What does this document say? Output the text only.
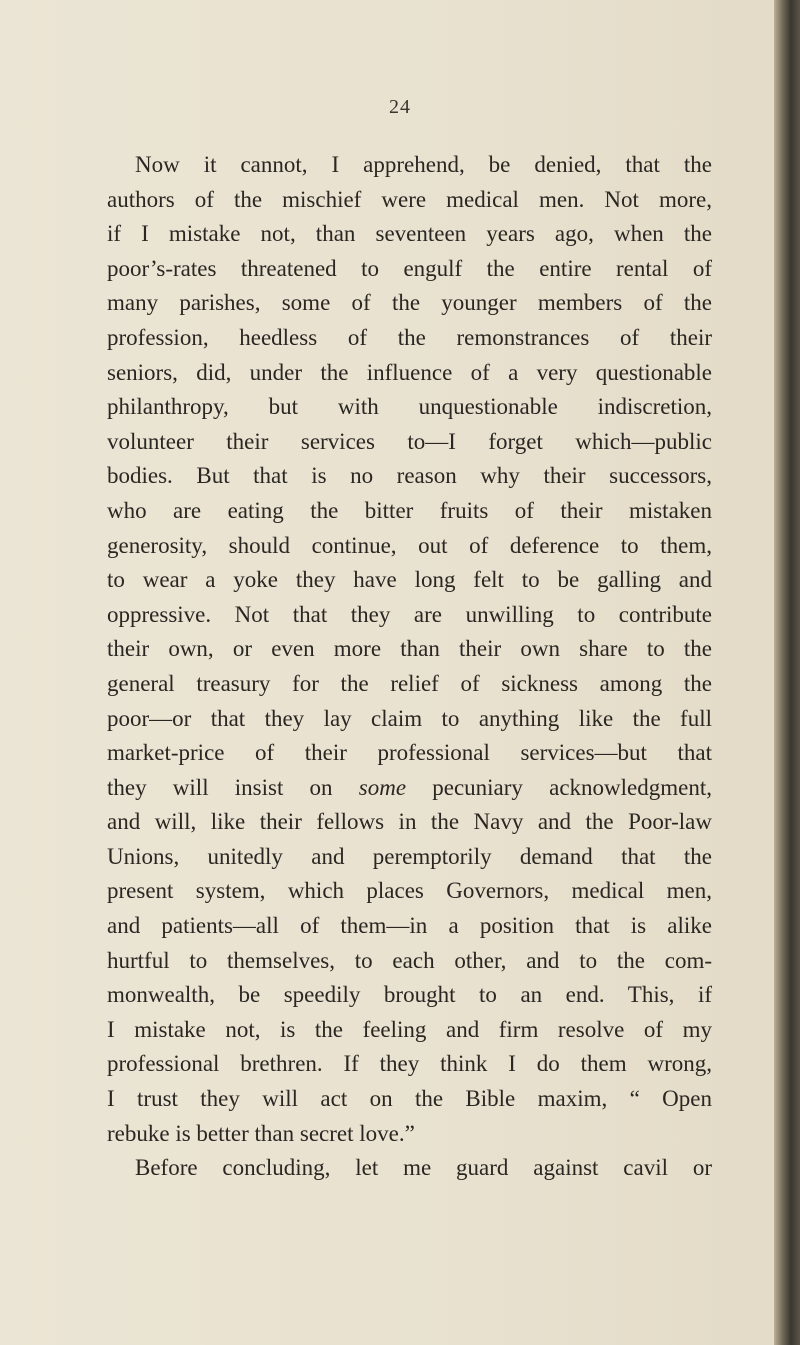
24
Now it cannot, I apprehend, be denied, that the
authors of the mischief were medical men. Not more,
if I mistake not, than seventeen years ago, when the
poor’s-rates threatened to engulf the entire rental of
many parishes, some of the younger members of the
profession, heedless of the remonstrances of their
seniors, did, under the influence of a very questionable
philanthropy, but with unquestionable indiscretion,
volunteer their services to—I forget which—public
bodies. But that is no reason why their successors,
who are eating the bitter fruits of their mistaken
generosity, should continue, out of deference to them,
to wear a yoke they have long felt to be galling and
oppressive. Not that they are unwilling to contribute
their own, or even more than their own share to the
general treasury for the relief of sickness among the
poor—or that they lay claim to anything like the full
market-price of their professional services—but that
they will insist on some pecuniary acknowledgment,
and will, like their fellows in the Navy and the Poor-law
Unions, unitedly and peremptorily demand that the
present system, which places Governors, medical men,
and patients—all of them—in a position that is alike
hurtful to themselves, to each other, and to the com-
monwealth, be speedily brought to an end. This, if
I mistake not, is the feeling and firm resolve of my
professional brethren. If they think I do them wrong,
I trust they will act on the Bible maxim, “ Open
rebuke is better than secret love.”
Before concluding, let me guard against cavil or
